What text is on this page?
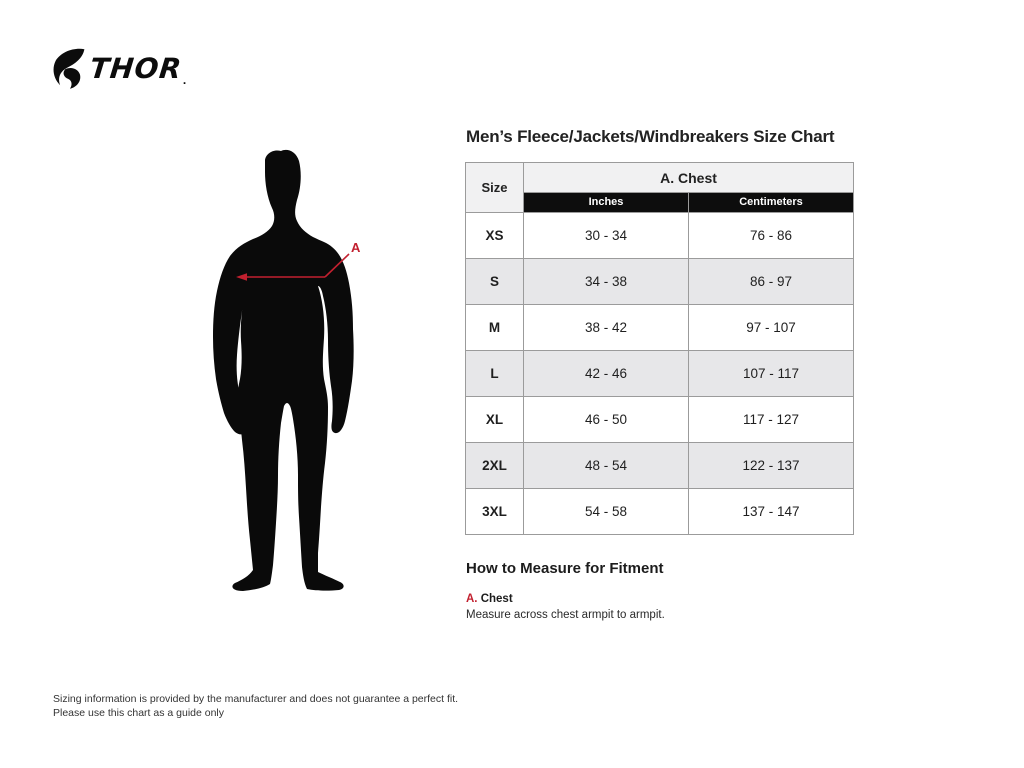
THOR .
A
Men’s Fleece/Jackets/Windbreakers Size Chart
Size	A. Chest	

	Inches	Centimeters

XS	30 - 34	76 - 86
S	34 - 38	86 - 97
M	38 - 42	97 - 107
L	42 - 46	107 - 117
XL	46 - 50	117 - 127
2XL	48 - 54	122 - 137
3XL	54 - 58	137 - 147
How to Measure for Fitment
A. Chest
Measure across chest armpit to armpit.
Sizing information is provided by the manufacturer and does not guarantee a perfect fit.
Please use this chart as a guide only
